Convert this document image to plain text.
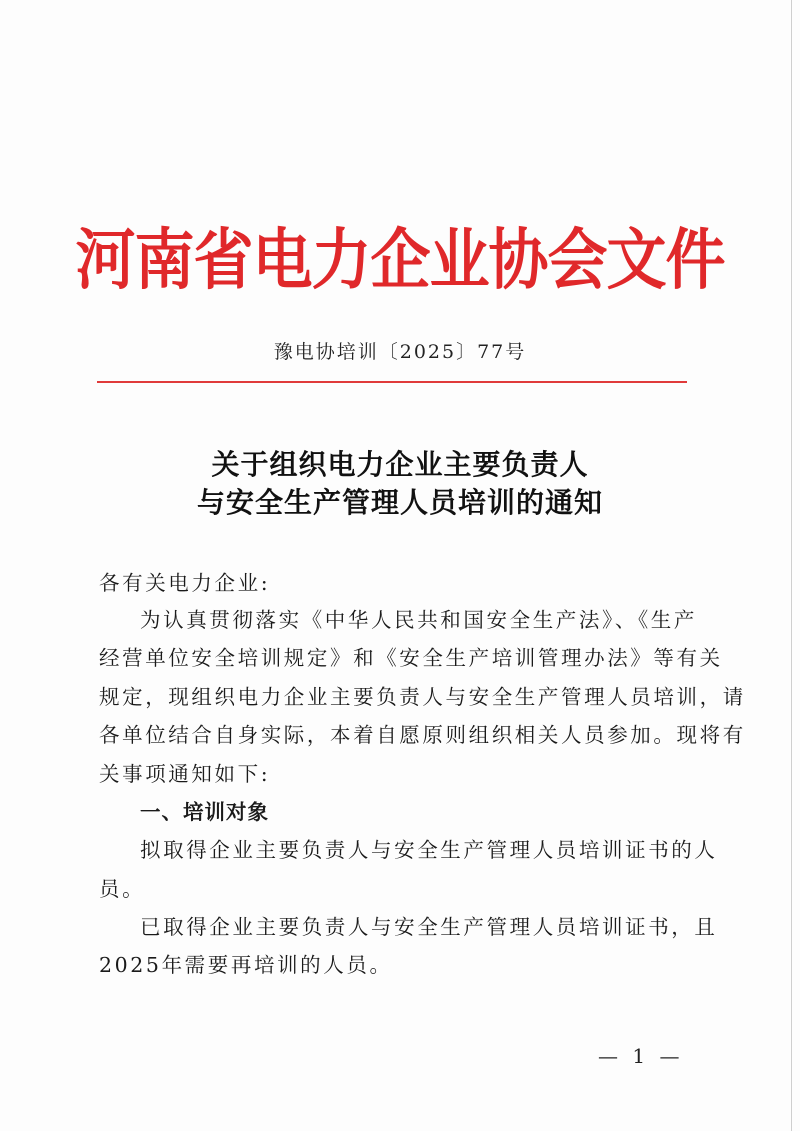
河南省电力企业协会文件
豫电协培训〔2025〕77号
关于组织电力企业主要负责人
与安全生产管理人员培训的通知
各有关电力企业:
为认真贯彻落实《中华人民共和国安全生产法》、《生产
经营单位安全培训规定》和《安全生产培训管理办法》等有关
规定，现组织电力企业主要负责人与安全生产管理人员培训，请
各单位结合自身实际，本着自愿原则组织相关人员参加。现将有
关事项通知如下:
一、培训对象
拟取得企业主要负责人与安全生产管理人员培训证书的人
员。
已取得企业主要负责人与安全生产管理人员培训证书，且
2025年需要再培训的人员。
— 1 —
